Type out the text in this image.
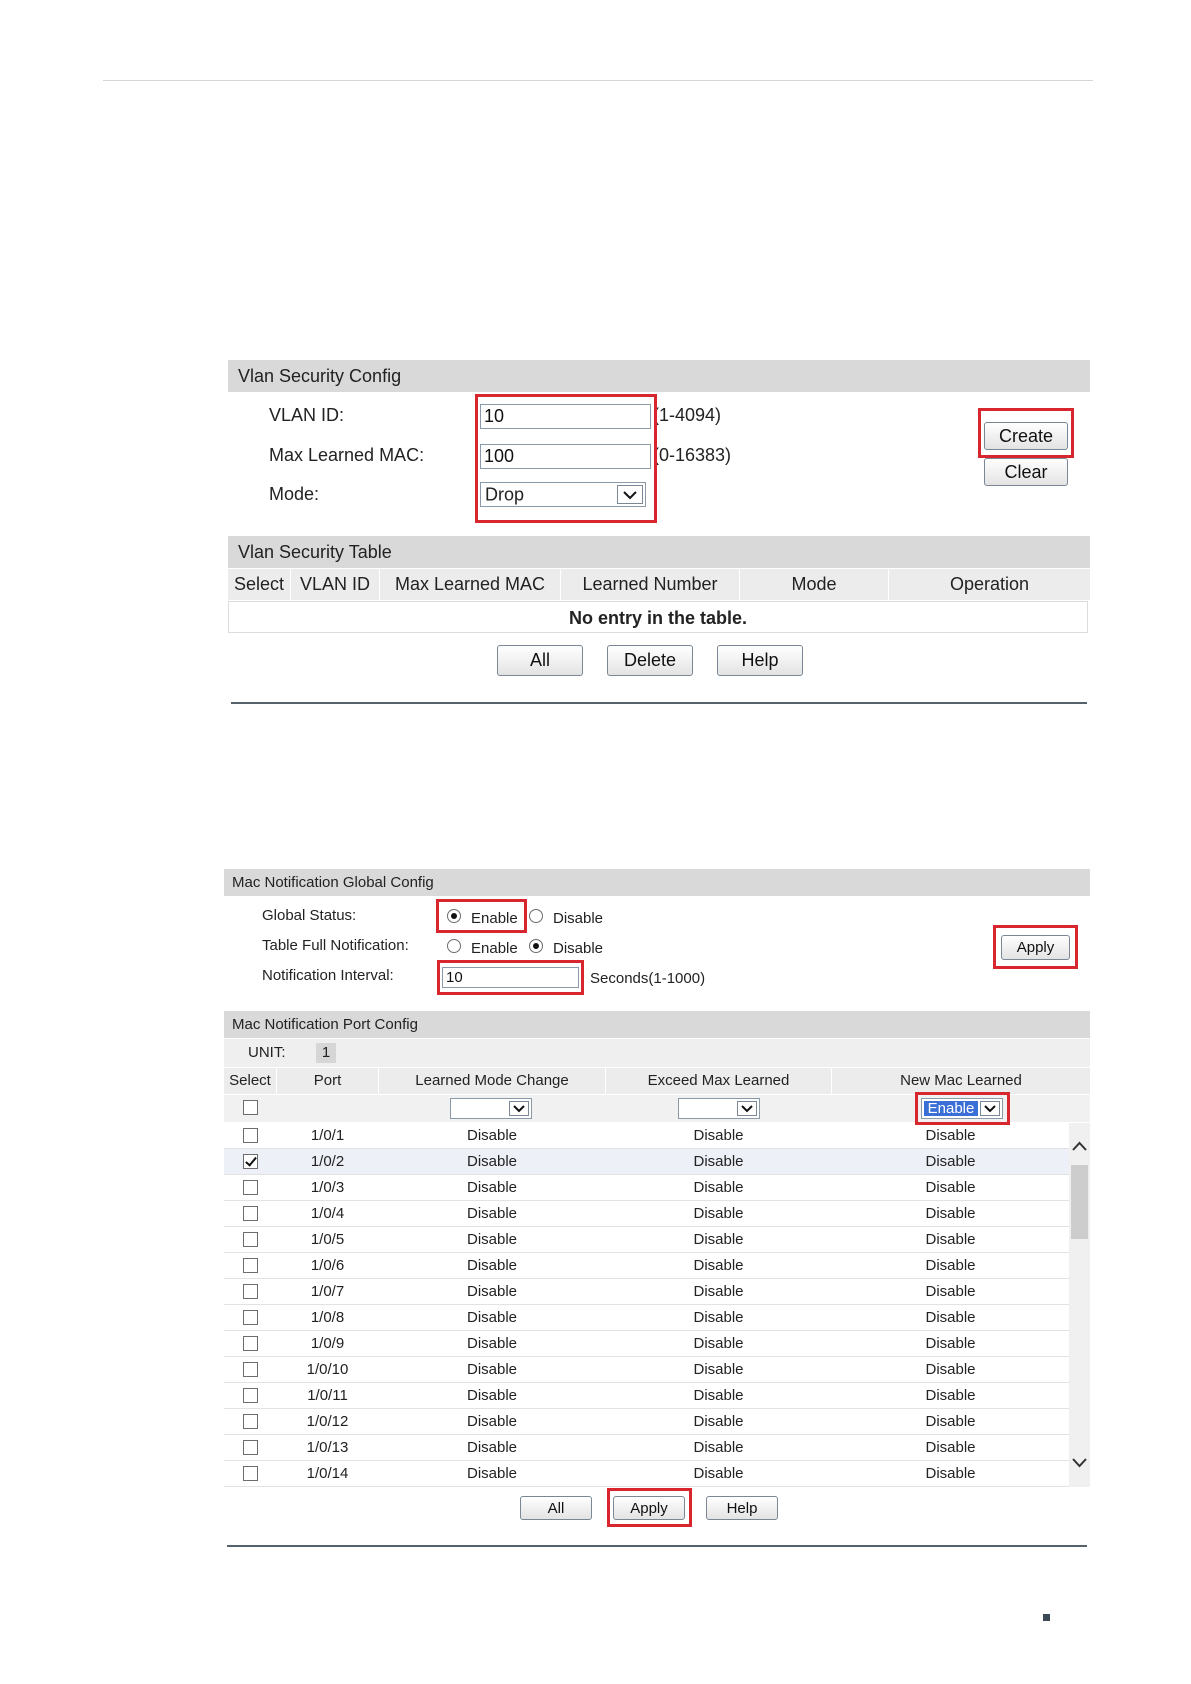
Vlan Security Config
VLAN ID:
10	(1-4094)
Max Learned MAC:
100	(0-16383)
Mode:	Drop
Create
Clear
Vlan Security Table
Select VLAN ID	Max Learned MAC	Learned Number	Mode	Operation
No entry in the table.
All	Delete	Help
Mac Notification Global Config
Global Status:	Enable Disable
Table Full Notification:	Enable Disable
Notification Interval:
10	Seconds(1-1000)
Apply
Mac Notification Port Config
UNIT:	1
Select	Port	Learned Mode Change	Exceed Max Learned	New Mac Learned
Enable
1/0/1	Disable	Disable	Disable
1/0/2	Disable	Disable	Disable
1/0/3	Disable	Disable	Disable
1/0/4	Disable	Disable	Disable
1/0/5	Disable	Disable	Disable
1/0/6	Disable	Disable	Disable
1/0/7	Disable	Disable	Disable
1/0/8	Disable	Disable	Disable
1/0/9	Disable	Disable	Disable
1/0/10	Disable	Disable	Disable
1/0/11	Disable	Disable	Disable
1/0/12	Disable	Disable	Disable
1/0/13	Disable	Disable	Disable
1/0/14	Disable	Disable	Disable
All	Apply	Help
